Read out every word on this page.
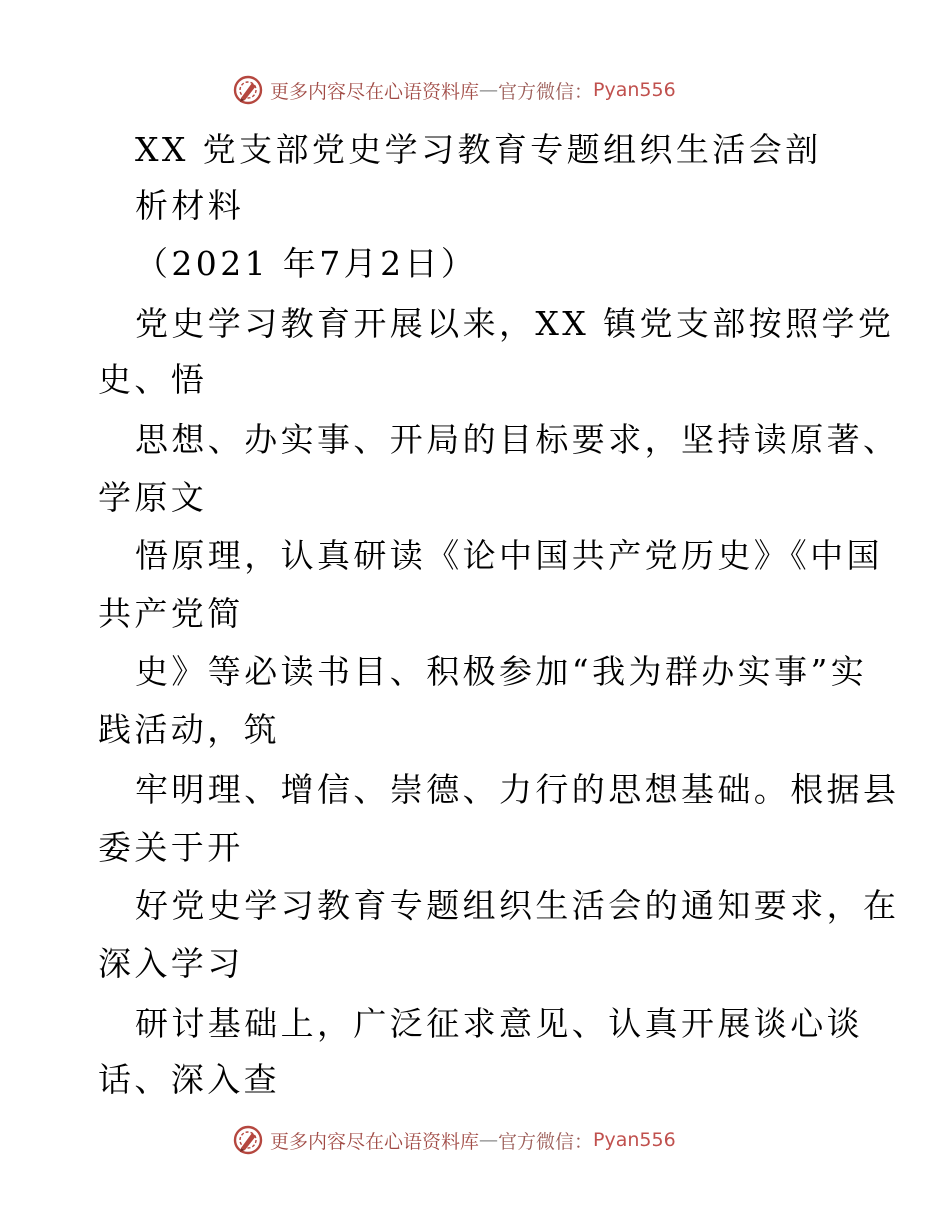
更多内容尽在心语资料库 — 官方微信： Pyan556
XX 党支部党史学习教育专题组织生活会剖
析材料
（2021 年7月2日）
党史学习教育开展以来，XX 镇党支部按照学党
史、悟
思想、办实事、开局的目标要求，坚持读原著、
学原文
悟原理，认真研读《论中国共产党历史》《中国
共产党简
史》等必读书目、积极参加“我为群办实事”实
践活动，筑
牢明理、增信、崇德、力行的思想基础。根据县
委关于开
好党史学习教育专题组织生活会的通知要求，在
深入学习
研讨基础上，广泛征求意见、认真开展谈心谈
话、深入查
更多内容尽在心语资料库 — 官方微信： Pyan556
